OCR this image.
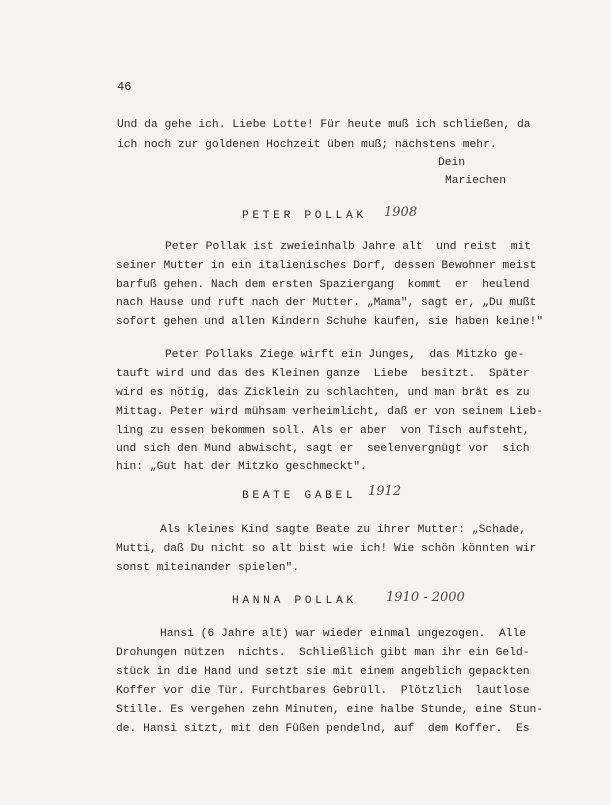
46
Und da gehe ich. Liebe Lotte! Für heute muß ich schließen, da
ich noch zur goldenen Hochzeit üben muß; nächstens mehr.
Dein
Mariechen
PETER POLLAK 1908
Peter Pollak ist zweieinhalb Jahre alt  und reist  mit
seiner Mutter in ein italienisches Dorf, dessen Bewohner meist
barfuß gehen. Nach dem ersten Spaziergang  kommt  er  heulend
nach Hause und ruft nach der Mutter. „Mama", sagt er, „Du mußt
sofort gehen und allen Kindern Schuhe kaufen, sie haben keine!"
Peter Pollaks Ziege wirft ein Junges,  das Mitzko ge-
tauft wird und das des Kleinen ganze  Liebe  besitzt.  Später
wird es nötig, das Zicklein zu schlachten, und man brät es zu
Mittag. Peter wird mühsam verheimlicht, daß er von seinem Lieb-
ling zu essen bekommen soll. Als er aber  von Tisch aufsteht,
und sich den Mund abwischt, sagt er  seelenvergnügt vor  sich
hin: „Gut hat der Mitzko geschmeckt".
BEATE GABEL 1912
Als kleines Kind sagte Beate zu ihrer Mutter: „Schade,
Mutti, daß Du nicht so alt bist wie ich! Wie schön könnten wir
sonst miteinander spielen".
HANNA POLLAK 1910 - 2000
Hansi (6 Jahre alt) war wieder einmal ungezogen.  Alle
Drohungen nützen  nichts.  Schließlich gibt man ihr ein Geld-
stück in die Hand und setzt sie mit einem angeblich gepackten
Koffer vor die Tür. Furchtbares Gebrüll.  Plötzlich  lautlose
Stille. Es vergehen zehn Minuten, eine halbe Stunde, eine Stun-
de. Hansi sitzt, mit den Füßen pendelnd, auf  dem Koffer.  Es
